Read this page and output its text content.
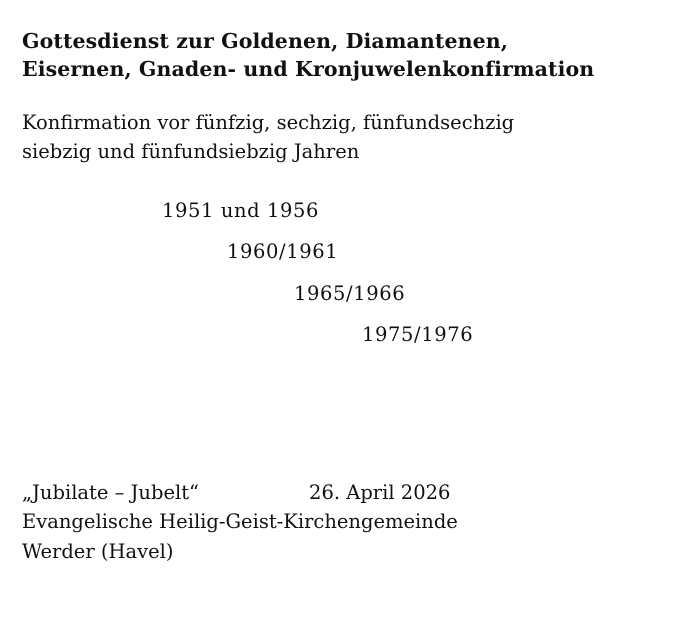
Gottesdienst zur Goldenen, Diamantenen,
Eisernen, Gnaden- und Kronjuwelenkonfirmation
Konfirmation vor fünfzig, sechzig, fünfundsechzig
siebzig und fünfundsiebzig Jahren
1951 und 1956
1960/1961
1965/1966
1975/1976
„Jubilate – Jubelt“	26. April 2026
Evangelische Heilig-Geist-Kirchengemeinde
Werder (Havel)
